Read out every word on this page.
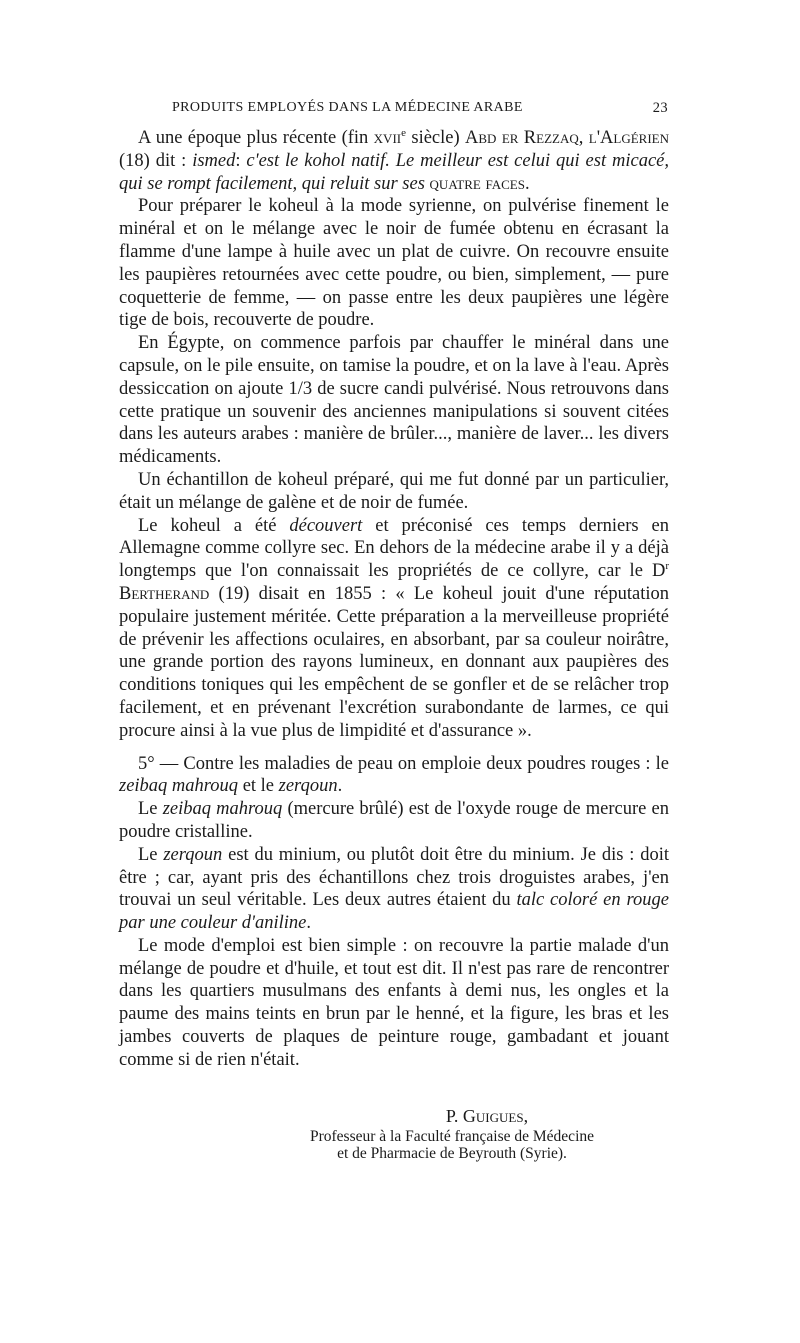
PRODUITS EMPLOYÉS DANS LA MÉDECINE ARABE	23

A une époque plus récente (fin xvii$^e$ siècle) Abd er Rezzaq, l'Algérien (18) dit : ismed: c'est le kohol natif. Le meilleur est celui qui est micacé, qui se rompt facilement, qui reluit sur ses quatre faces.

Pour préparer le koheul à la mode syrienne, on pulvérise finement le minéral et on le mélange avec le noir de fumée obtenu en écrasant la flamme d'une lampe à huile avec un plat de cuivre. On recouvre ensuite les paupières retournées avec cette poudre, ou bien, simplement, — pure coquetterie de femme, — on passe entre les deux paupières une légère tige de bois, recouverte de poudre.

En Égypte, on commence parfois par chauffer le minéral dans une capsule, on le pile ensuite, on tamise la poudre, et on la lave à l'eau. Après dessiccation on ajoute 1/3 de sucre candi pulvérisé. Nous retrouvons dans cette pratique un souvenir des anciennes manipulations si souvent citées dans les auteurs arabes : manière de brûler..., manière de laver... les divers médicaments.

Un échantillon de koheul préparé, qui me fut donné par un particulier, était un mélange de galène et de noir de fumée.

Le koheul a été découvert et préconisé ces temps derniers en Allemagne comme collyre sec. En dehors de la médecine arabe il y a déjà longtemps que l'on connaissait les propriétés de ce collyre, car le $D^r$ Bertherand (19) disait en 1855 : « Le koheul jouit d'une réputation populaire justement méritée. Cette préparation a la merveilleuse propriété de prévenir les affections oculaires, en absorbant, par sa couleur noirâtre, une grande portion des rayons lumineux, en donnant aux paupières des conditions toniques qui les empêchent de se gonfler et de se relâcher trop facilement, et en prévenant l'excrétion surabondante de larmes, ce qui procure ainsi à la vue plus de limpidité et d'assurance ».

5° — Contre les maladies de peau on emploie deux poudres rouges : le zeibaq mahrouq et le zerqoun.

Le zeibaq mahrouq (mercure brûlé) est de l'oxyde rouge de mercure en poudre cristalline.

Le zerqoun est du minium, ou plutôt doit être du minium. Je dis : doit être ; car, ayant pris des échantillons chez trois droguistes arabes, j'en trouvai un seul véritable. Les deux autres étaient du talc coloré en rouge par une couleur d'aniline.

Le mode d'emploi est bien simple : on recouvre la partie malade d'un mélange de poudre et d'huile, et tout est dit. Il n'est pas rare de rencontrer dans les quartiers musulmans des enfants à demi nus, les ongles et la paume des mains teints en brun par le henné, et la figure, les bras et les jambes couverts de plaques de peinture rouge, gambadant et jouant comme si de rien n'était.

P. Guigues,

Professeur à la Faculté française de Médecine

et de Pharmacie de Beyrouth (Syrie).
